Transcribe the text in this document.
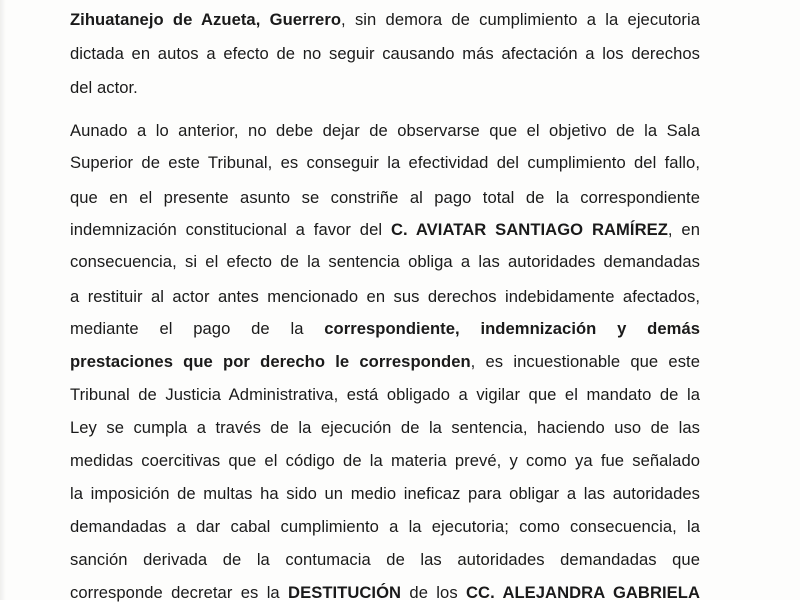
Zihuatanejo de Azueta, Guerrero, sin demora de cumplimiento a la ejecutoria
dictada en autos a efecto de no seguir causando más afectación a los derechos
del actor.
Aunado a lo anterior, no debe dejar de observarse que el objetivo de la Sala
Superior de este Tribunal, es conseguir la efectividad del cumplimiento del fallo,
que en el presente asunto se constriñe al pago total de la correspondiente
indemnización constitucional a favor del C. AVIATAR SANTIAGO RAMÍREZ, en
consecuencia, si el efecto de la sentencia obliga a las autoridades demandadas
a restituir al actor antes mencionado en sus derechos indebidamente afectados,
mediante el pago de la correspondiente, indemnización y demás
prestaciones que por derecho le corresponden, es incuestionable que este
Tribunal de Justicia Administrativa, está obligado a vigilar que el mandato de la
Ley se cumpla a través de la ejecución de la sentencia, haciendo uso de las
medidas coercitivas que el código de la materia prevé, y como ya fue señalado
la imposición de multas ha sido un medio ineficaz para obligar a las autoridades
demandadas a dar cabal cumplimiento a la ejecutoria; como consecuencia, la
sanción derivada de la contumacia de las autoridades demandadas que
corresponde decretar es la DESTITUCIÓN de los CC. ALEJANDRA GABRIELA
